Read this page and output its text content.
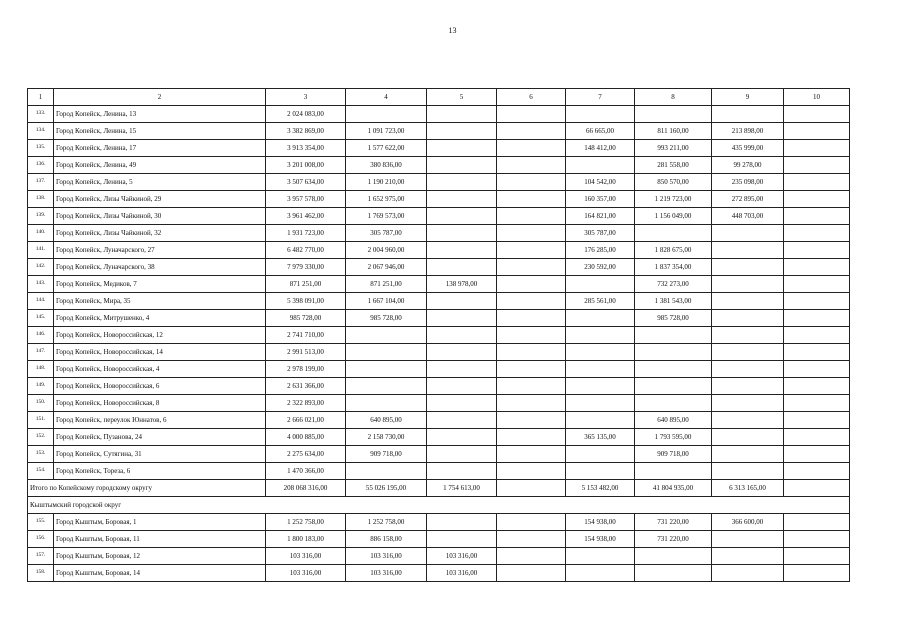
13
1	2	3	4	5	6	7	8	9	10
133.	Город Копейск, Ленина, 13	2 024 083,00							
134.	Город Копейск, Ленина, 15	3 382 869,00	1 091 723,00			66 665,00	811 160,00	213 898,00	
135.	Город Копейск, Ленина, 17	3 913 354,00	1 577 622,00			148 412,00	993 211,00	435 999,00	
136.	Город Копейск, Ленина, 49	3 201 008,00	380 836,00				281 558,00	99 278,00	
137.	Город Копейск, Ленина, 5	3 507 634,00	1 190 210,00			104 542,00	850 570,00	235 098,00	
138.	Город Копейск, Лизы Чайкиной, 29	3 957 578,00	1 652 975,00			160 357,00	1 219 723,00	272 895,00	
139.	Город Копейск, Лизы Чайкиной, 30	3 961 462,00	1 769 573,00			164 821,00	1 156 049,00	448 703,00	
140.	Город Копейск, Лизы Чайкиной, 32	1 931 723,00	305 787,00			305 787,00			
141.	Город Копейск, Луначарского, 27	6 482 770,00	2 004 960,00			176 285,00	1 828 675,00		
142.	Город Копейск, Луначарского, 38	7 979 330,00	2 067 946,00			230 592,00	1 837 354,00		
143.	Город Копейск, Медиков, 7	871 251,00	871 251,00	138 978,00			732 273,00		
144.	Город Копейск, Мира, 35	5 398 091,00	1 667 104,00			285 561,00	1 381 543,00		
145.	Город Копейск, Митрушенко, 4	985 728,00	985 728,00				985 728,00		
146.	Город Копейск, Новороссийская, 12	2 741 710,00							
147.	Город Копейск, Новороссийская, 14	2 991 513,00							
148.	Город Копейск, Новороссийская, 4	2 978 199,00							
149.	Город Копейск, Новороссийская, 6	2 631 366,00							
150.	Город Копейск, Новороссийская, 8	2 322 893,00							
151.	Город Копейск, переулок Юннатов, 6	2 666 021,00	640 895,00				640 895,00		
152.	Город Копейск, Пузанова, 24	4 000 885,00	2 158 730,00			365 135,00	1 793 595,00		
153.	Город Копейск, Сутягина, 31	2 275 634,00	909 718,00				909 718,00		
154.	Город Копейск, Тореза, 6	1 470 366,00							
Итого по Копейскому городскому округу		208 068 316,00	55 026 195,00	1 754 613,00		5 153 482,00	41 804 935,00	6 313 165,00	
Кыштымский городской округ									
155.	Город Кыштым, Боровая, 1	1 252 758,00	1 252 758,00			154 938,00	731 220,00	366 600,00	
156.	Город Кыштым, Боровая, 11	1 800 183,00	886 158,00			154 938,00	731 220,00		
157.	Город Кыштым, Боровая, 12	103 316,00	103 316,00	103 316,00					
158.	Город Кыштым, Боровая, 14	103 316,00	103 316,00	103 316,00					
